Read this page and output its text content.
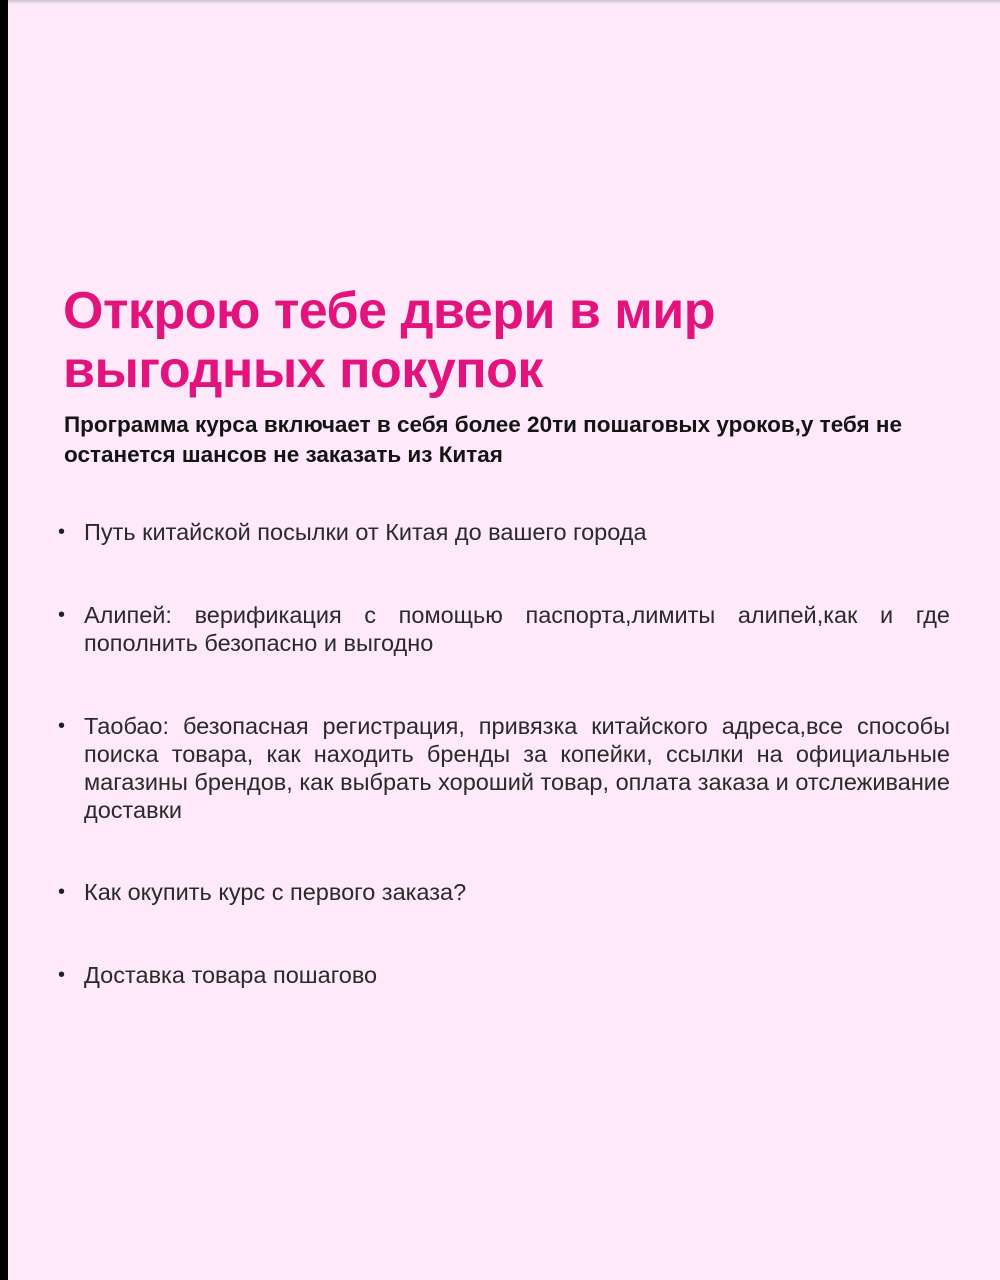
Открою тебе двери в мир выгодных покупок

Программа курса включает в себя более 20ти пошаговых уроков,у тебя не останется шансов не заказать из Китая

• Путь китайской посылки от Китая до вашего города

• Алипей: верификация с помощью паспорта,лимиты алипей,как и где пополнить безопасно и выгодно

• Таобао: безопасная регистрация, привязка китайского адреса,все способы поиска товара, как находить бренды за копейки, ссылки на официальные магазины брендов, как выбрать хороший товар, оплата заказа и отслеживание доставки

• Как окупить курс с первого заказа?

• Доставка товара пошагово
